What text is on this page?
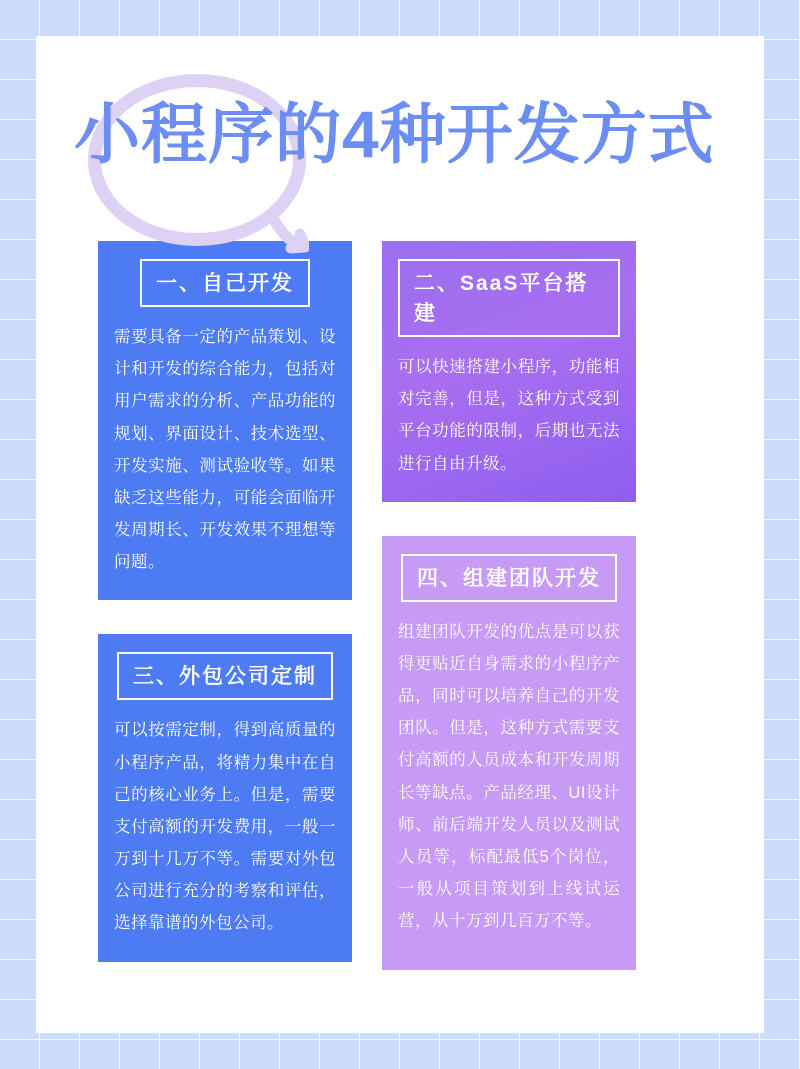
小程序的4种开发方式
一、自己开发
需要具备一定的产品策划、设计和开发的综合能力，包括对用户需求的分析、产品功能的规划、界面设计、技术选型、开发实施、测试验收等。如果缺乏这些能力，可能会面临开发周期长、开发效果不理想等问题。
三、外包公司定制
可以按需定制，得到高质量的小程序产品，将精力集中在自己的核心业务上。但是，需要支付高额的开发费用，一般一万到十几万不等。需要对外包公司进行充分的考察和评估，选择靠谱的外包公司。
二、SaaS平台搭建
可以快速搭建小程序，功能相对完善，但是，这种方式受到平台功能的限制，后期也无法进行自由升级。
四、组建团队开发
组建团队开发的优点是可以获得更贴近自身需求的小程序产品，同时可以培养自己的开发团队。但是，这种方式需要支付高额的人员成本和开发周期长等缺点。产品经理、UI设计师、前后端开发人员以及测试人员等，标配最低5个岗位，一般从项目策划到上线试运营，从十万到几百万不等。
